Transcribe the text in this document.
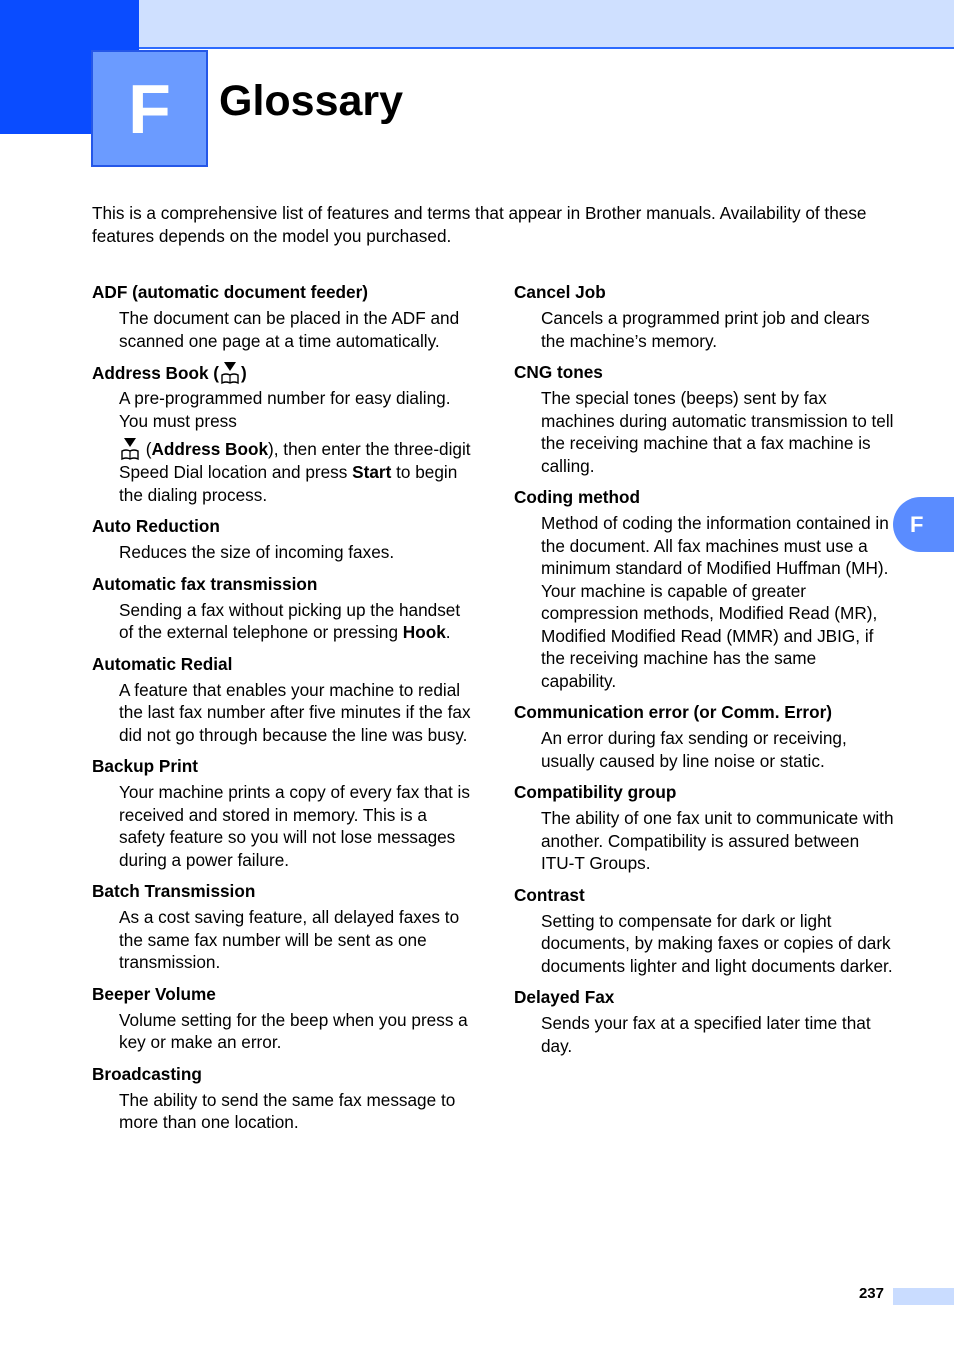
F Glossary

This is a comprehensive list of features and terms that appear in Brother manuals. Availability of these features depends on the model you purchased.

ADF (automatic document feeder)

The document can be placed in the ADF and scanned one page at a time automatically.

Address Book ( )

A pre-programmed number for easy dialing. You must press

(Address Book), then enter the three-digit Speed Dial location and press Start to begin the dialing process.

Auto Reduction

Reduces the size of incoming faxes.

Automatic fax transmission

Sending a fax without picking up the handset of the external telephone or pressing Hook.

Automatic Redial

A feature that enables your machine to redial the last fax number after five minutes if the fax did not go through because the line was busy.

Backup Print

Your machine prints a copy of every fax that is received and stored in memory. This is a safety feature so you will not lose messages during a power failure.

Batch Transmission

As a cost saving feature, all delayed faxes to the same fax number will be sent as one transmission.

Beeper Volume

Volume setting for the beep when you press a key or make an error.

Broadcasting

The ability to send the same fax message to more than one location.

Cancel Job

Cancels a programmed print job and clears the machine’s memory.

CNG tones

The special tones (beeps) sent by fax machines during automatic transmission to tell the receiving machine that a fax machine is calling.

Coding method

Method of coding the information contained in the document. All fax machines must use a minimum standard of Modified Huffman (MH). Your machine is capable of greater compression methods, Modified Read (MR), Modified Modified Read (MMR) and JBIG, if the receiving machine has the same capability.

Communication error (or Comm. Error)

An error during fax sending or receiving, usually caused by line noise or static.

Compatibility group

The ability of one fax unit to communicate with another. Compatibility is assured between ITU-T Groups.

Contrast

Setting to compensate for dark or light documents, by making faxes or copies of dark documents lighter and light documents darker.

Delayed Fax

Sends your fax at a specified later time that day.

F
237
